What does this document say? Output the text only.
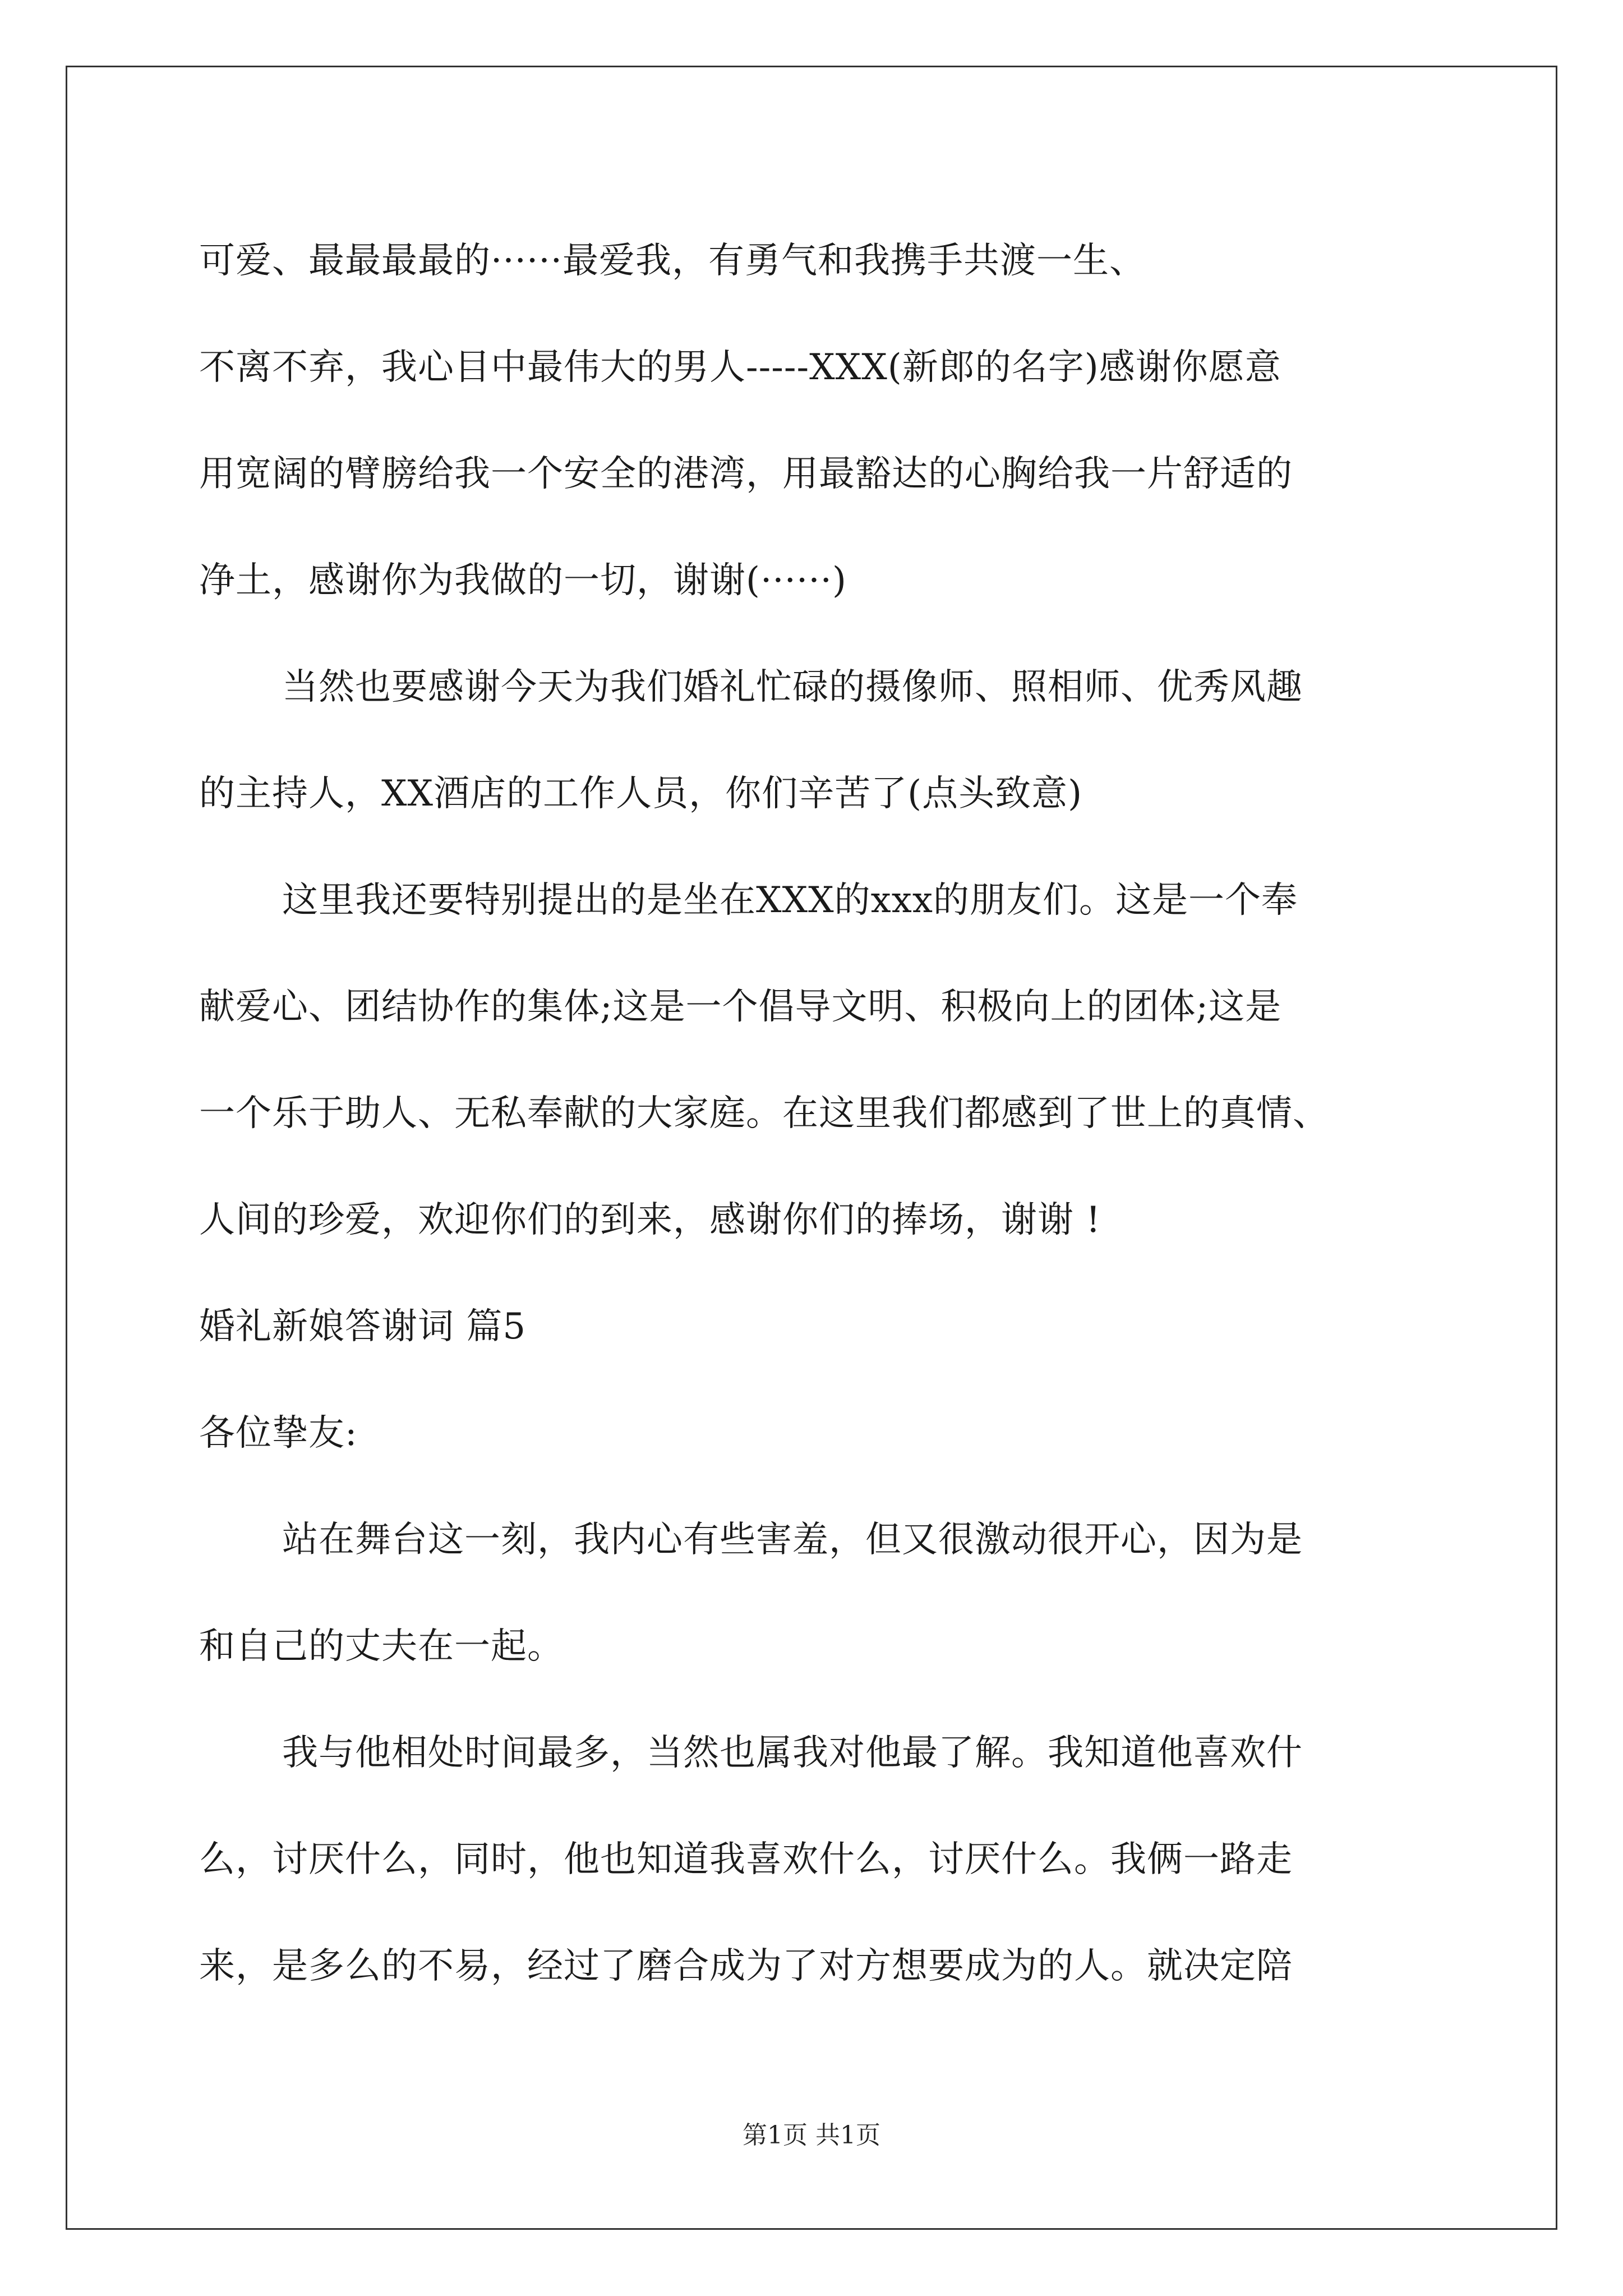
可爱、最最最最的······最爱我，有勇气和我携手共渡一生、
不离不弃，我心目中最伟大的男人-----XXX(新郎的名字)感谢你愿意
用宽阔的臂膀给我一个安全的港湾，用最豁达的心胸给我一片舒适的
净土，感谢你为我做的一切，谢谢(······)
当然也要感谢今天为我们婚礼忙碌的摄像师、照相师、优秀风趣
的主持人，XX酒店的工作人员，你们辛苦了(点头致意)
这里我还要特别提出的是坐在XXX的xxx的朋友们。这是一个奉
献爱心、团结协作的集体;这是一个倡导文明、积极向上的团体;这是
一个乐于助人、无私奉献的大家庭。在这里我们都感到了世上的真情、
人间的珍爱，欢迎你们的到来，感谢你们的捧场，谢谢 !
婚礼新娘答谢词 篇5
各位挚友:
站在舞台这一刻，我内心有些害羞，但又很激动很开心，因为是
和自己的丈夫在一起。
我与他相处时间最多，当然也属我对他最了解。我知道他喜欢什
么，讨厌什么，同时，他也知道我喜欢什么，讨厌什么。我俩一路走
来，是多么的不易，经过了磨合成为了对方想要成为的人。就决定陪
第1页 共1页
